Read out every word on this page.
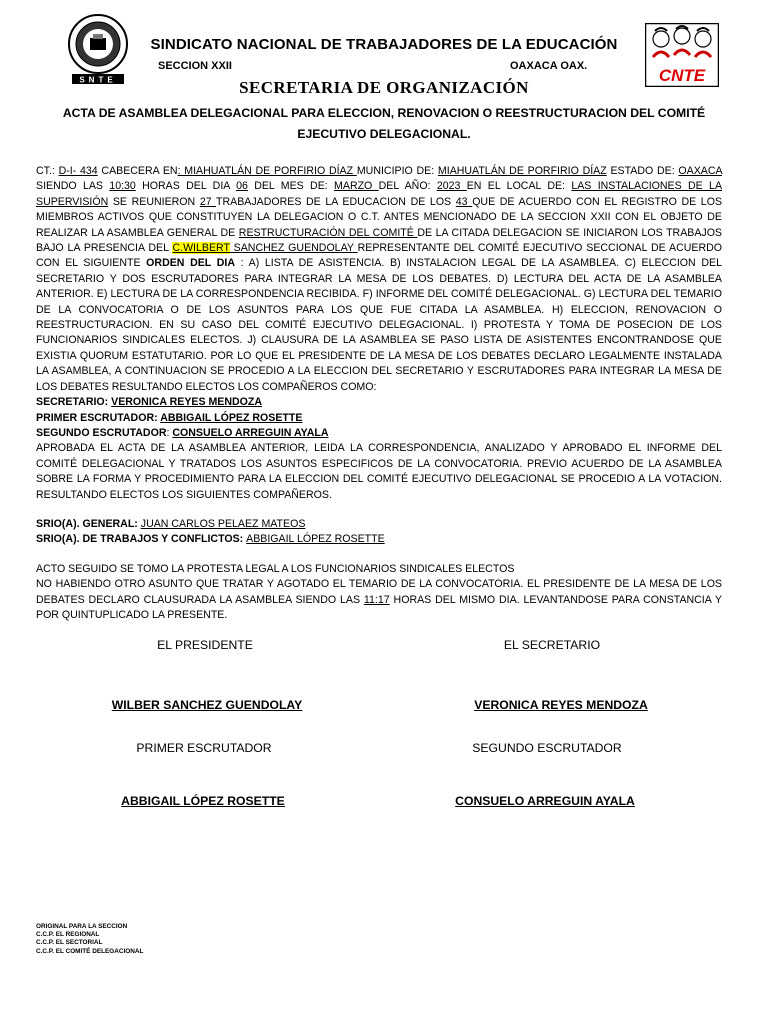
SNTE	CNTE
SINDICATO NACIONAL DE TRABAJADORES DE LA EDUCACIÓN
SECCION XXII	OAXACA OAX.
SECRETARIA DE ORGANIZACIÓN
ACTA DE ASAMBLEA DELEGACIONAL PARA ELECCION, RENOVACION O REESTRUCTURACION DEL COMITÉ EJECUTIVO DELEGACIONAL.

CT.: D-I- 434 CABECERA EN: MIAHUATLÁN DE PORFIRIO DÍAZ MUNICIPIO DE: MIAHUATLÁN DE PORFIRIO DÍAZ ESTADO DE: OAXACA SIENDO LAS 10:30 HORAS DEL DIA 06 DEL MES DE: MARZO DEL AÑO: 2023 EN EL LOCAL DE: LAS INSTALACIONES DE LA SUPERVISIÓN SE REUNIERON 27 TRABAJADORES DE LA EDUCACION DE LOS 43 QUE DE ACUERDO CON EL REGISTRO DE LOS MIEMBROS ACTIVOS QUE CONSTITUYEN LA DELEGACION O C.T. ANTES MENCIONADO DE LA SECCION XXII CON EL OBJETO DE REALIZAR LA ASAMBLEA GENERAL DE RESTRUCTURACIÓN DEL COMITÉ DE LA CITADA DELEGACION SE INICIARON LOS TRABAJOS BAJO LA PRESENCIA DEL C.WILBERT SANCHEZ GUENDOLAY REPRESENTANTE DEL COMITÉ EJECUTIVO SECCIONAL DE ACUERDO CON EL SIGUIENTE ORDEN DEL DIA : A) LISTA DE ASISTENCIA. B) INSTALACION LEGAL DE LA ASAMBLEA. C) ELECCION DEL SECRETARIO Y DOS ESCRUTADORES PARA INTEGRAR LA MESA DE LOS DEBATES. D) LECTURA DEL ACTA DE LA ASAMBLEA ANTERIOR. E) LECTURA DE LA CORRESPONDENCIA RECIBIDA. F) INFORME DEL COMITÉ DELEGACIONAL. G) LECTURA DEL TEMARIO DE LA CONVOCATORIA O DE LOS ASUNTOS PARA LOS QUE FUE CITADA LA ASAMBLEA. H) ELECCION, RENOVACION O REESTRUCTURACION. EN SU CASO DEL COMITÉ EJECUTIVO DELEGACIONAL. I) PROTESTA Y TOMA DE POSECION DE LOS FUNCIONARIOS SINDICALES ELECTOS. J) CLAUSURA DE LA ASAMBLEA SE PASO LISTA DE ASISTENTES ENCONTRANDOSE QUE EXISTIA QUORUM ESTATUTARIO. POR LO QUE EL PRESIDENTE DE LA MESA DE LOS DEBATES DECLARO LEGALMENTE INSTALADA LA ASAMBLEA, A CONTINUACION SE PROCEDIO A LA ELECCION DEL SECRETARIO Y ESCRUTADORES PARA INTEGRAR LA MESA DE LOS DEBATES RESULTANDO ELECTOS LOS COMPAÑEROS COMO:

SECRETARIO: VERONICA REYES MENDOZA

PRIMER ESCRUTADOR: ABBIGAIL LÓPEZ ROSETTE

SEGUNDO ESCRUTADOR: CONSUELO ARREGUIN AYALA

APROBADA EL ACTA DE LA ASAMBLEA ANTERIOR, LEIDA LA CORRESPONDENCIA, ANALIZADO Y APROBADO EL INFORME DEL COMITÉ DELEGACIONAL Y TRATADOS LOS ASUNTOS ESPECIFICOS DE LA CONVOCATORIA. PREVIO ACUERDO DE LA ASAMBLEA SOBRE LA FORMA Y PROCEDIMIENTO PARA LA ELECCION DEL COMITÉ EJECUTIVO DELEGACIONAL SE PROCEDIO A LA VOTACION. RESULTANDO ELECTOS LOS SIGUIENTES COMPAÑEROS.

SRIO(A). GENERAL: JUAN CARLOS PELAEZ MATEOS

SRIO(A). DE TRABAJOS Y CONFLICTOS: ABBIGAIL LÓPEZ ROSETTE

ACTO SEGUIDO SE TOMO LA PROTESTA LEGAL A LOS FUNCIONARIOS SINDICALES ELECTOS

NO HABIENDO OTRO ASUNTO QUE TRATAR Y AGOTADO EL TEMARIO DE LA CONVOCATORIA. EL PRESIDENTE DE LA MESA DE LOS DEBATES DECLARO CLAUSURADA LA ASAMBLEA SIENDO LAS 11:17 HORAS DEL MISMO DIA. LEVANTANDOSE PARA CONSTANCIA Y POR QUINTUPLICADO LA PRESENTE.

EL PRESIDENTE	EL SECRETARIO
WILBER SANCHEZ GUENDOLAY	VERONICA REYES MENDOZA
PRIMER ESCRUTADOR	SEGUNDO ESCRUTADOR
ABBIGAIL LÓPEZ ROSETTE	CONSUELO ARREGUIN AYALA
ORIGINAL PARA LA SECCION
C.C.P. EL REGIONAL
C.C.P. EL SECTORIAL
C.C.P. EL COMITÉ DELEGACIONAL
